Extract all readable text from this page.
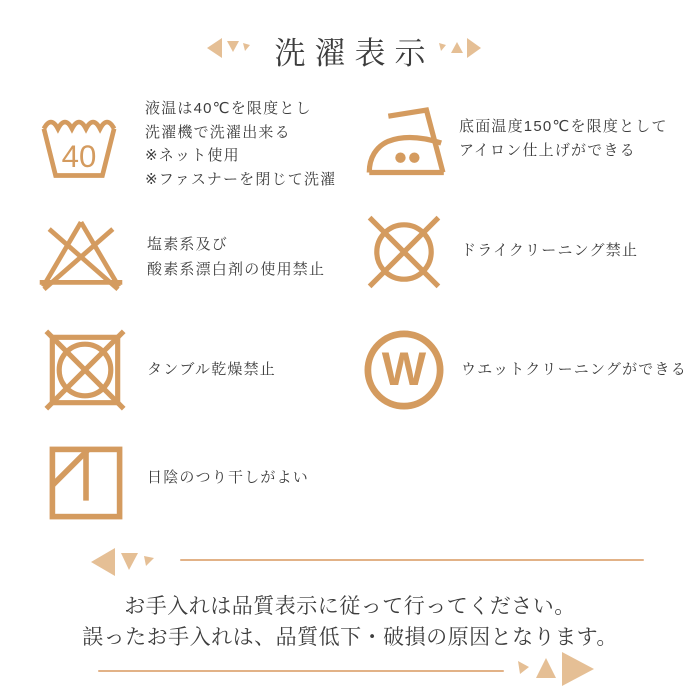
洗濯表示
40
液温は40℃を限度とし
洗濯機で洗濯出来る
※ネット使用
※ファスナーを閉じて洗濯
底面温度150℃を限度として
アイロン仕上げができる
塩素系及び
酸素系漂白剤の使用禁止
ドライクリーニング禁止
タンブル乾燥禁止 W ウエットクリーニングができる
日陰のつり干しがよい
お手入れは品質表示に従って行ってください。
誤ったお手入れは、品質低下・破損の原因となります。
